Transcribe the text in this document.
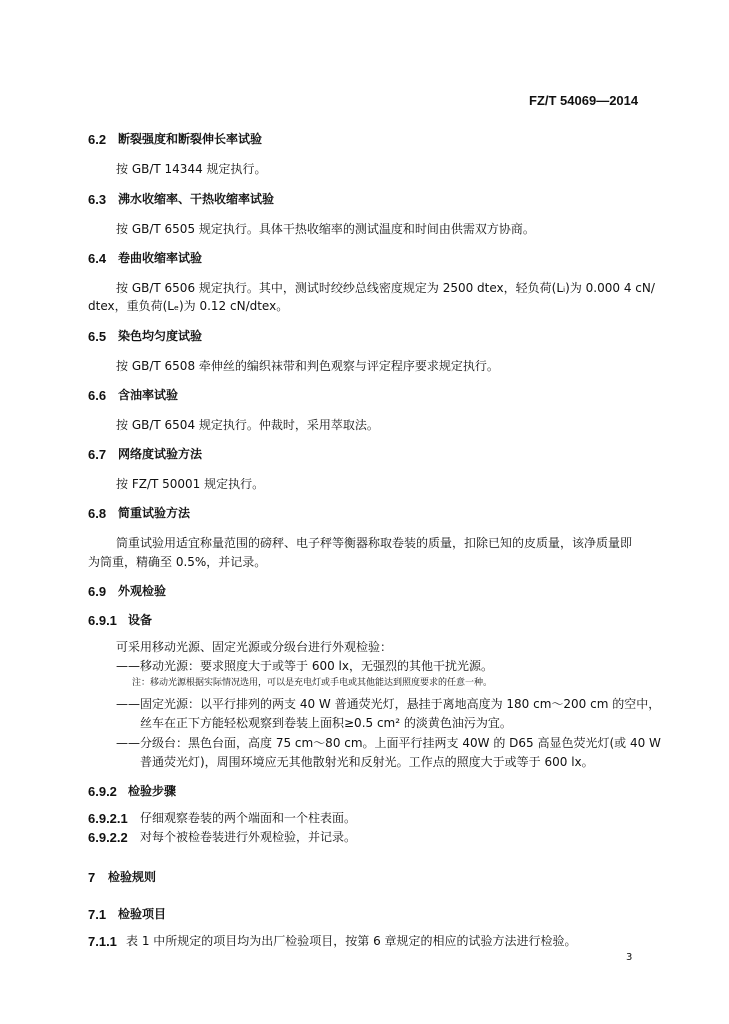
FZ/T 54069—2014
6.2 断裂强度和断裂伸长率试验
按 GB/T 14344 规定执行。
6.3 沸水收缩率、干热收缩率试验
按 GB/T 6505 规定执行。具体干热收缩率的测试温度和时间由供需双方协商。
6.4 卷曲收缩率试验
按 GB/T 6506 规定执行。其中，测试时绞纱总线密度规定为 2500 dtex，轻负荷(Lᵢ)为 0.000 4 cN/
dtex，重负荷(Lₑ)为 0.12 cN/dtex。
6.5 染色均匀度试验
按 GB/T 6508 牵伸丝的编织袜带和判色观察与评定程序要求规定执行。
6.6 含油率试验
按 GB/T 6504 规定执行。仲裁时，采用萃取法。
6.7 网络度试验方法
按 FZ/T 50001 规定执行。
6.8 简重试验方法
筒重试验用适宜称量范围的磅秤、电子秤等衡器称取卷装的质量，扣除已知的皮质量，该净质量即
为筒重，精确至 0.5%，并记录。
6.9 外观检验
6.9.1 设备
可采用移动光源、固定光源或分级台进行外观检验：
——移动光源：要求照度大于或等于 600 lx，无强烈的其他干扰光源。
注：移动光源根据实际情况选用，可以是充电灯或手电或其他能达到照度要求的任意一种。
——固定光源：以平行排列的两支 40 W 普通荧光灯，悬挂于离地高度为 180 cm～200 cm 的空中，
丝车在正下方能轻松观察到卷装上面积≥0.5 cm² 的淡黄色油污为宜。
——分级台：黑色台面，高度 75 cm～80 cm。上面平行挂两支 40W 的 D65 高显色荧光灯(或 40 W
普通荧光灯)，周围环境应无其他散射光和反射光。工作点的照度大于或等于 600 lx。
6.9.2 检验步骤
6.9.2.1 仔细观察卷装的两个端面和一个柱表面。
6.9.2.2 对每个被检卷装进行外观检验，并记录。
7 检验规则
7.1 检验项目
7.1.1 表 1 中所规定的项目均为出厂检验项目，按第 6 章规定的相应的试验方法进行检验。
3
